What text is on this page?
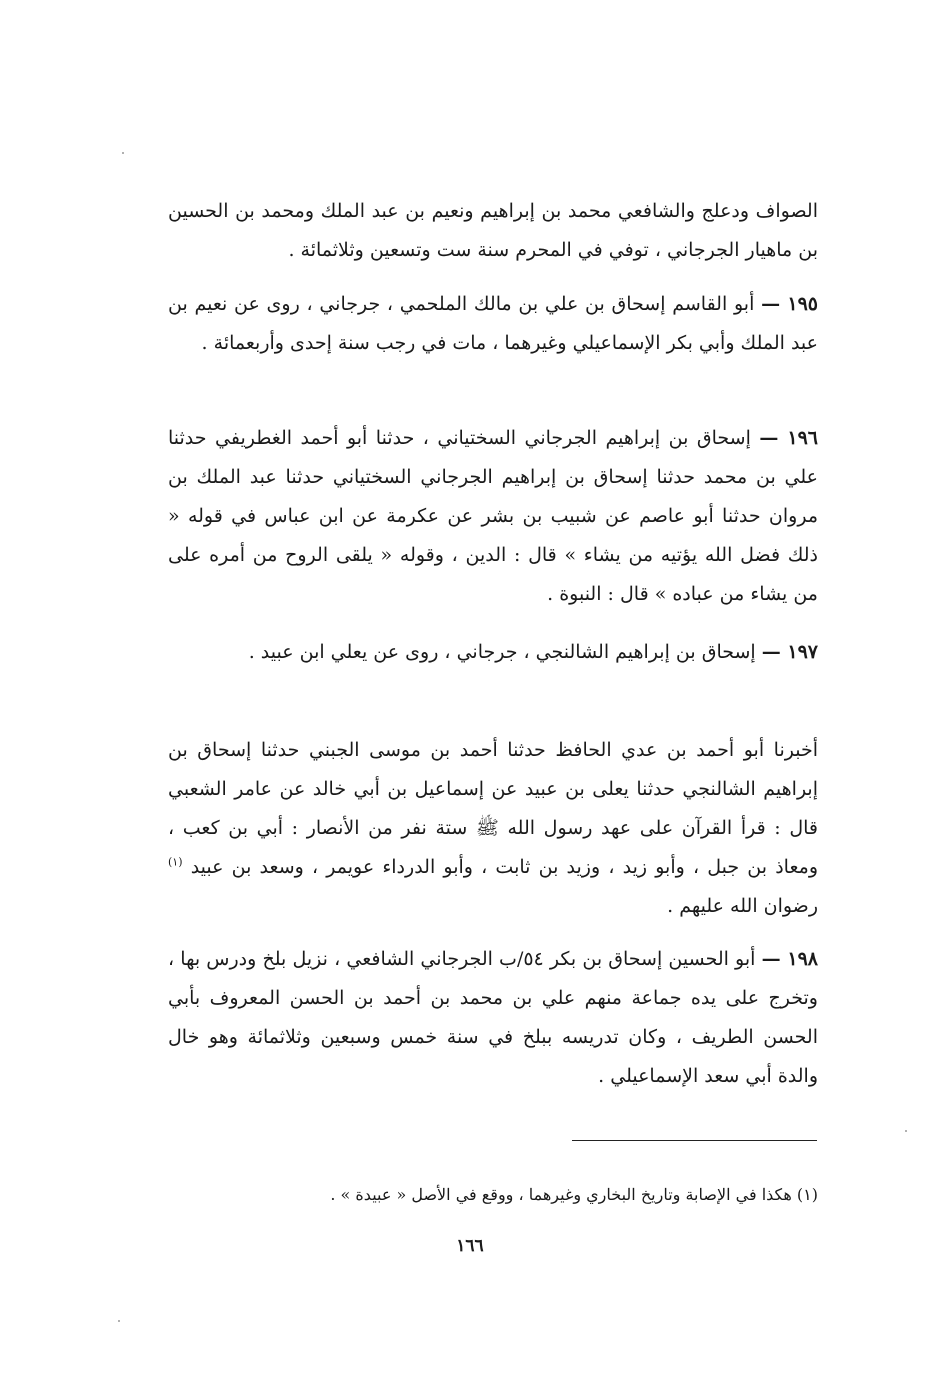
الصواف ودعلج والشافعي محمد بن إبراهيم ونعيم بن عبد الملك ومحمد بن الحسين بن ماهيار الجرجاني ، توفي في المحرم سنة ست وتسعين وثلاثمائة .
١٩٥ — أبو القاسم إسحاق بن علي بن مالك الملحمي ، جرجاني ، روى عن نعيم بن عبد الملك وأبي بكر الإسماعيلي وغيرهما ، مات في رجب سنة إحدى وأربعمائة .
١٩٦ — إسحاق بن إبراهيم الجرجاني السختياني ، حدثنا أبو أحمد الغطريفي حدثنا علي بن محمد حدثنا إسحاق بن إبراهيم الجرجاني السختياني حدثنا عبد الملك بن مروان حدثنا أبو عاصم عن شبيب بن بشر عن عكرمة عن ابن عباس في قوله « ذلك فضل الله يؤتيه من يشاء » قال : الدين ، وقوله « يلقى الروح من أمره على من يشاء من عباده » قال : النبوة .
١٩٧ — إسحاق بن إبراهيم الشالنجي ، جرجاني ، روى عن يعلي ابن عبيد .
أخبرنا أبو أحمد بن عدي الحافظ حدثنا أحمد بن موسى الجبني حدثنا إسحاق بن إبراهيم الشالنجي حدثنا يعلى بن عبيد عن إسماعيل بن أبي خالد عن عامر الشعبي قال : قرأ القرآن على عهد رسول الله ﷺ ستة نفر من الأنصار : أبي بن كعب ، ومعاذ بن جبل ، وأبو زيد ، وزيد بن ثابت ، وأبو الدرداء عويمر ، وسعد بن عبيد $^{(١)}$ رضوان الله عليهم .
١٩٨ — أبو الحسين إسحاق بن بكر ٥٤/ب الجرجاني الشافعي ، نزيل بلخ ودرس بها ، وتخرج على يده جماعة منهم علي بن محمد بن أحمد بن الحسن المعروف بأبي الحسن الطريف ، وكان تدريسه ببلخ في سنة خمس وسبعين وثلاثمائة وهو خال والدة أبي سعد الإسماعيلي .
(١) هكذا في الإصابة وتاريخ البخاري وغيرهما ، ووقع في الأصل « عبيدة » .
١٦٦
